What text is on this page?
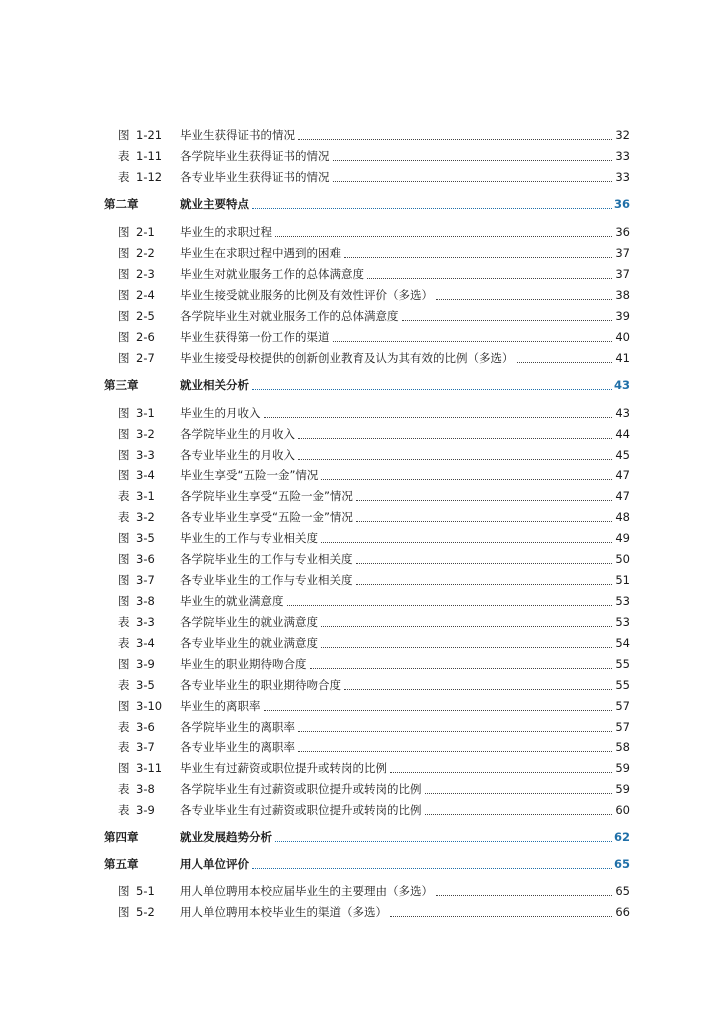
图 1-21 毕业生获得证书的情况	32
表 1-11 各学院毕业生获得证书的情况	33
表 1-12 各专业毕业生获得证书的情况	33
第二章	就业主要特点	36
图 2-1 毕业生的求职过程	36
图 2-2 毕业生在求职过程中遇到的困难	37
图 2-3 毕业生对就业服务工作的总体满意度	37
图 2-4 毕业生接受就业服务的比例及有效性评价（多选）	38
图 2-5 各学院毕业生对就业服务工作的总体满意度	39
图 2-6 毕业生获得第一份工作的渠道	40
图 2-7 毕业生接受母校提供的创新创业教育及认为其有效的比例（多选）	41
第三章	就业相关分析	43
图 3-1 毕业生的月收入	43
图 3-2 各学院毕业生的月收入	44
图 3-3 各专业毕业生的月收入	45
图 3-4 毕业生享受“五险一金”情况	47
表 3-1 各学院毕业生享受“五险一金”情况	47
表 3-2 各专业毕业生享受“五险一金”情况	48
图 3-5 毕业生的工作与专业相关度	49
图 3-6 各学院毕业生的工作与专业相关度	50
图 3-7 各专业毕业生的工作与专业相关度	51
图 3-8 毕业生的就业满意度	53
表 3-3 各学院毕业生的就业满意度	53
表 3-4 各专业毕业生的就业满意度	54
图 3-9 毕业生的职业期待吻合度	55
表 3-5 各专业毕业生的职业期待吻合度	55
图 3-10 毕业生的离职率	57
表 3-6 各学院毕业生的离职率	57
表 3-7 各专业毕业生的离职率	58
图 3-11 毕业生有过薪资或职位提升或转岗的比例	59
表 3-8 各学院毕业生有过薪资或职位提升或转岗的比例	59
表 3-9 各专业毕业生有过薪资或职位提升或转岗的比例	60
第四章	就业发展趋势分析	62
第五章	用人单位评价	65
图 5-1 用人单位聘用本校应届毕业生的主要理由（多选）	65
图 5-2 用人单位聘用本校毕业生的渠道（多选）	66
